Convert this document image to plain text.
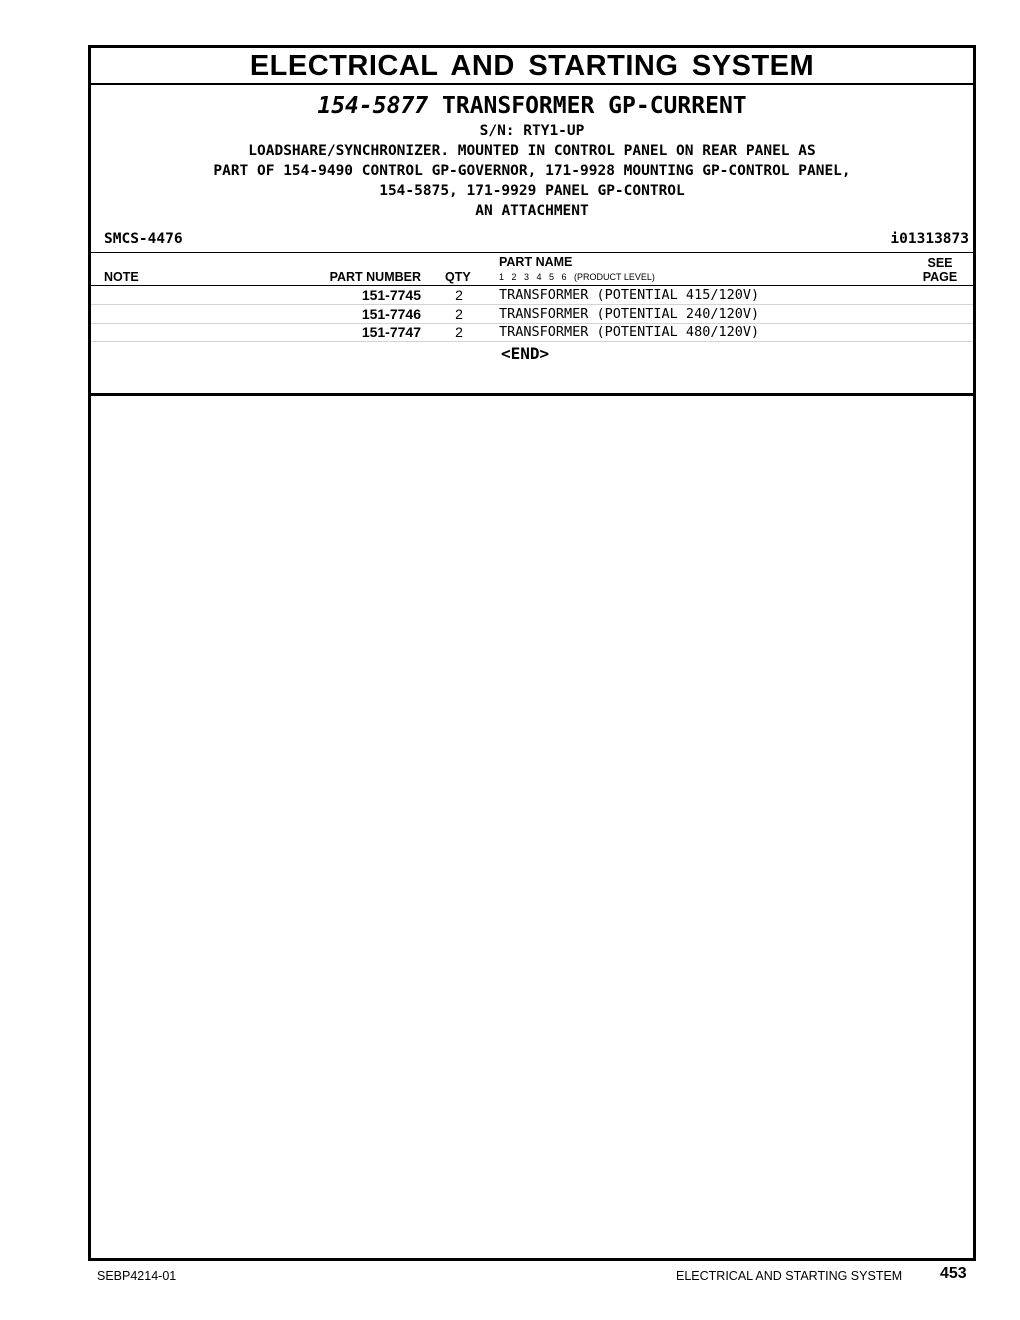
ELECTRICAL AND STARTING SYSTEM
154-5877 TRANSFORMER GP-CURRENT
S/N: RTY1-UP
LOADSHARE/SYNCHRONIZER. MOUNTED IN CONTROL PANEL ON REAR PANEL AS
PART OF 154-9490 CONTROL GP-GOVERNOR, 171-9928 MOUNTING GP-CONTROL PANEL,
154-5875, 171-9929 PANEL GP-CONTROL
AN ATTACHMENT
SMCS-4476	i01313873
NOTE	PART NUMBER QTY
PART NAME
1   2   3   4   5   6   (PRODUCT LEVEL)
SEE
PAGE
151-7745 2	TRANSFORMER (POTENTIAL 415/120V)
151-7746 2	TRANSFORMER (POTENTIAL 240/120V)
151-7747 2	TRANSFORMER (POTENTIAL 480/120V)
<END>
SEBP4214-01	ELECTRICAL AND STARTING SYSTEM 453
